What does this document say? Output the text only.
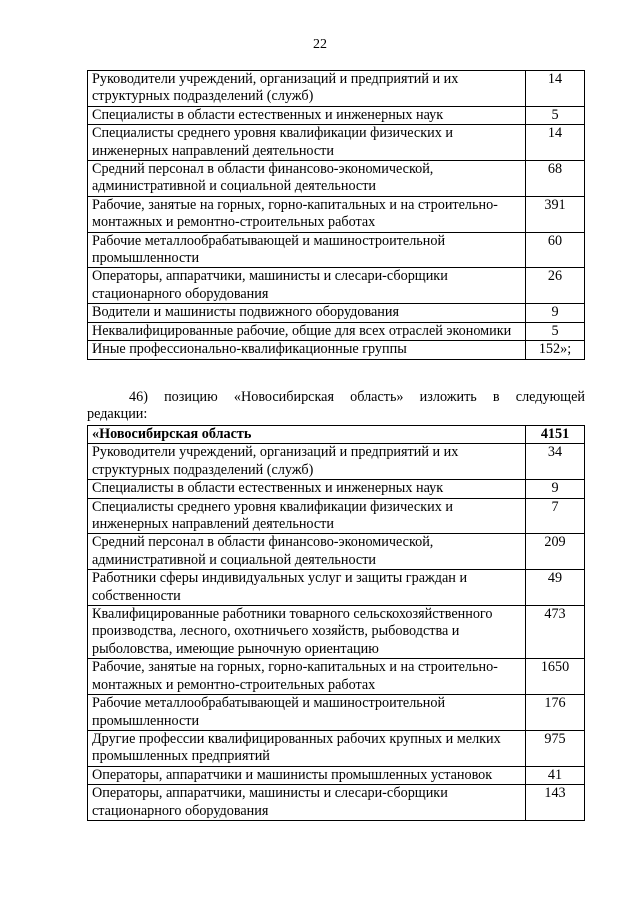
22
Руководители учреждений, организаций и предприятий и их структурных подразделений (служб)	14
Специалисты в области естественных и инженерных наук	5
Специалисты среднего уровня квалификации физических и инженерных направлений деятельности	14
Средний персонал в области финансово-экономической, административной и социальной деятельности	68
Рабочие, занятые на горных, горно-капитальных и на строительно-монтажных и ремонтно-строительных работах	391
Рабочие металлообрабатывающей и машиностроительной промышленности	60
Операторы, аппаратчики, машинисты и слесари-сборщики стационарного оборудования	26
Водители и машинисты подвижного оборудования	9
Неквалифицированные рабочие, общие для всех отраслей экономики	5
Иные профессионально-квалификационные группы	152»;
46) позицию «Новосибирская область» изложить в следующей
редакции:
«Новосибирская область	4151
Руководители учреждений, организаций и предприятий и их структурных подразделений (служб)	34
Специалисты в области естественных и инженерных наук	9
Специалисты среднего уровня квалификации физических и инженерных направлений деятельности	7
Средний персонал в области финансово-экономической, административной и социальной деятельности	209
Работники сферы индивидуальных услуг и защиты граждан и собственности	49
Квалифицированные работники товарного сельскохозяйственного производства, лесного, охотничьего хозяйств, рыбоводства и рыболовства, имеющие рыночную ориентацию	473
Рабочие, занятые на горных, горно-капитальных и на строительно-монтажных и ремонтно-строительных работах	1650
Рабочие металлообрабатывающей и машиностроительной промышленности	176
Другие профессии квалифицированных рабочих крупных и мелких промышленных предприятий	975
Операторы, аппаратчики и машинисты промышленных установок	41
Операторы, аппаратчики, машинисты и слесари-сборщики стационарного оборудования	143
